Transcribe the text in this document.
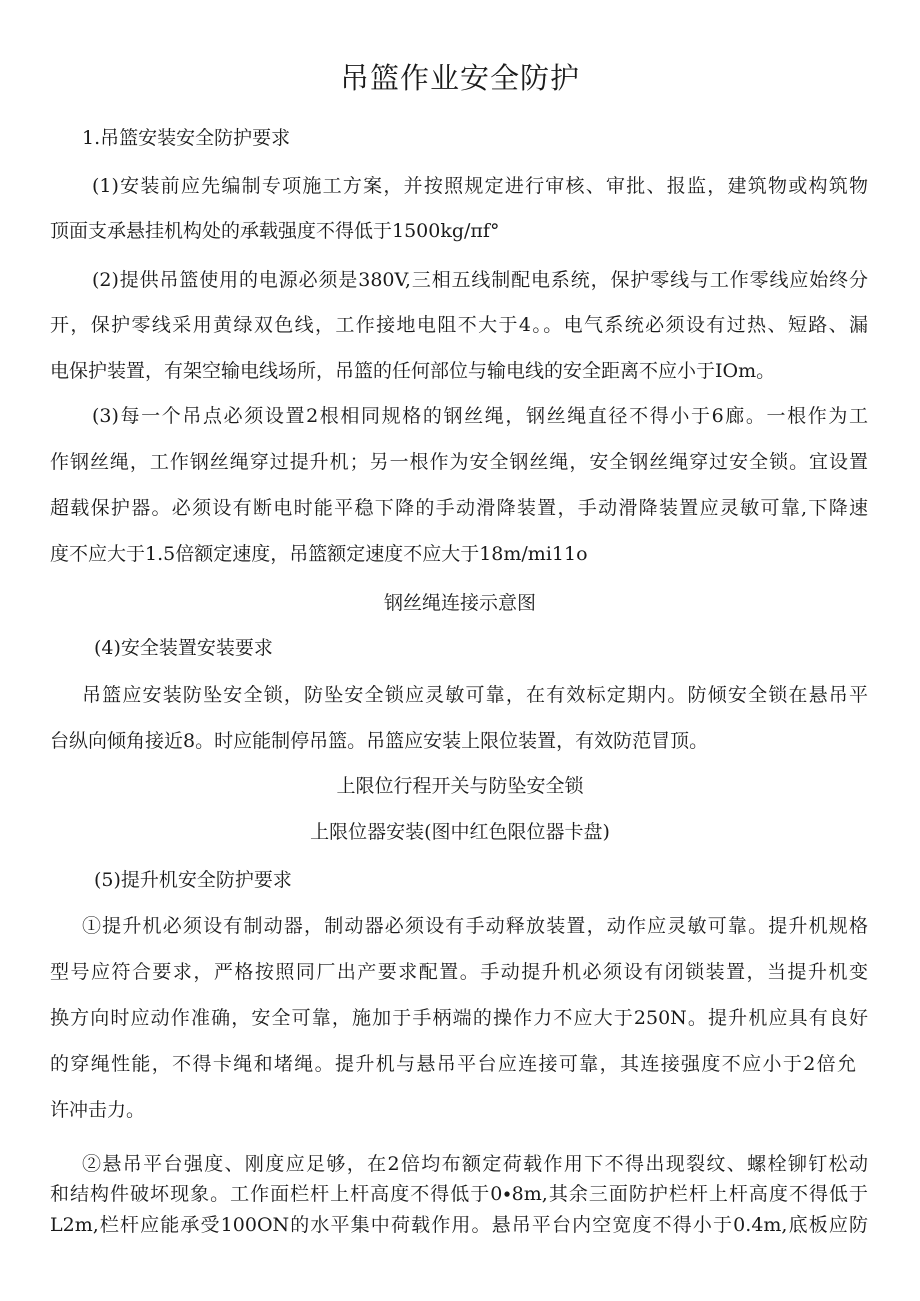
吊篮作业安全防护
1.吊篮安装安全防护要求
(1)安装前应先编制专项施工方案，并按照规定进行审核、审批、报监，建筑物或构筑物
顶面支承悬挂机构处的承载强度不得低于1500kg∕πf°
(2)提供吊篮使用的电源必须是380V,三相五线制配电系统，保护零线与工作零线应始终分
开，保护零线采用黄绿双色线，工作接地电阻不大于4。。电气系统必须设有过热、短路、漏
电保护装置，有架空输电线场所，吊篮的任何部位与输电线的安全距离不应小于IOm。
(3)每一个吊点必须设置2根相同规格的钢丝绳，钢丝绳直径不得小于6廊。一根作为工
作钢丝绳，工作钢丝绳穿过提升机；另一根作为安全钢丝绳，安全钢丝绳穿过安全锁。宜设置
超载保护器。必须设有断电时能平稳下降的手动滑降装置，手动滑降装置应灵敏可靠,下降速
度不应大于1.5倍额定速度，吊篮额定速度不应大于18m∕mi11o
钢丝绳连接示意图
(4)安全装置安装要求
吊篮应安装防坠安全锁，防坠安全锁应灵敏可靠，在有效标定期内。防倾安全锁在悬吊平
台纵向倾角接近8。时应能制停吊篮。吊篮应安装上限位装置，有效防范冒顶。
上限位行程开关与防坠安全锁
上限位器安装(图中红色限位器卡盘)
(5)提升机安全防护要求
①提升机必须设有制动器，制动器必须设有手动释放装置，动作应灵敏可靠。提升机规格
型号应符合要求，严格按照同厂出产要求配置。手动提升机必须设有闭锁装置，当提升机变
换方向时应动作准确，安全可靠，施加于手柄端的操作力不应大于250N。提升机应具有良好
的穿绳性能，不得卡绳和堵绳。提升机与悬吊平台应连接可靠，其连接强度不应小于2倍允
许冲击力。
②悬吊平台强度、刚度应足够，在2倍均布额定荷载作用下不得出现裂纹、螺栓铆钉松动
和结构件破坏现象。工作面栏杆上杆高度不得低于0∙8m,其余三面防护栏杆上杆高度不得低于
L2m,栏杆应能承受100ON的水平集中荷载作用。悬吊平台内空宽度不得小于0.4m,底板应防
